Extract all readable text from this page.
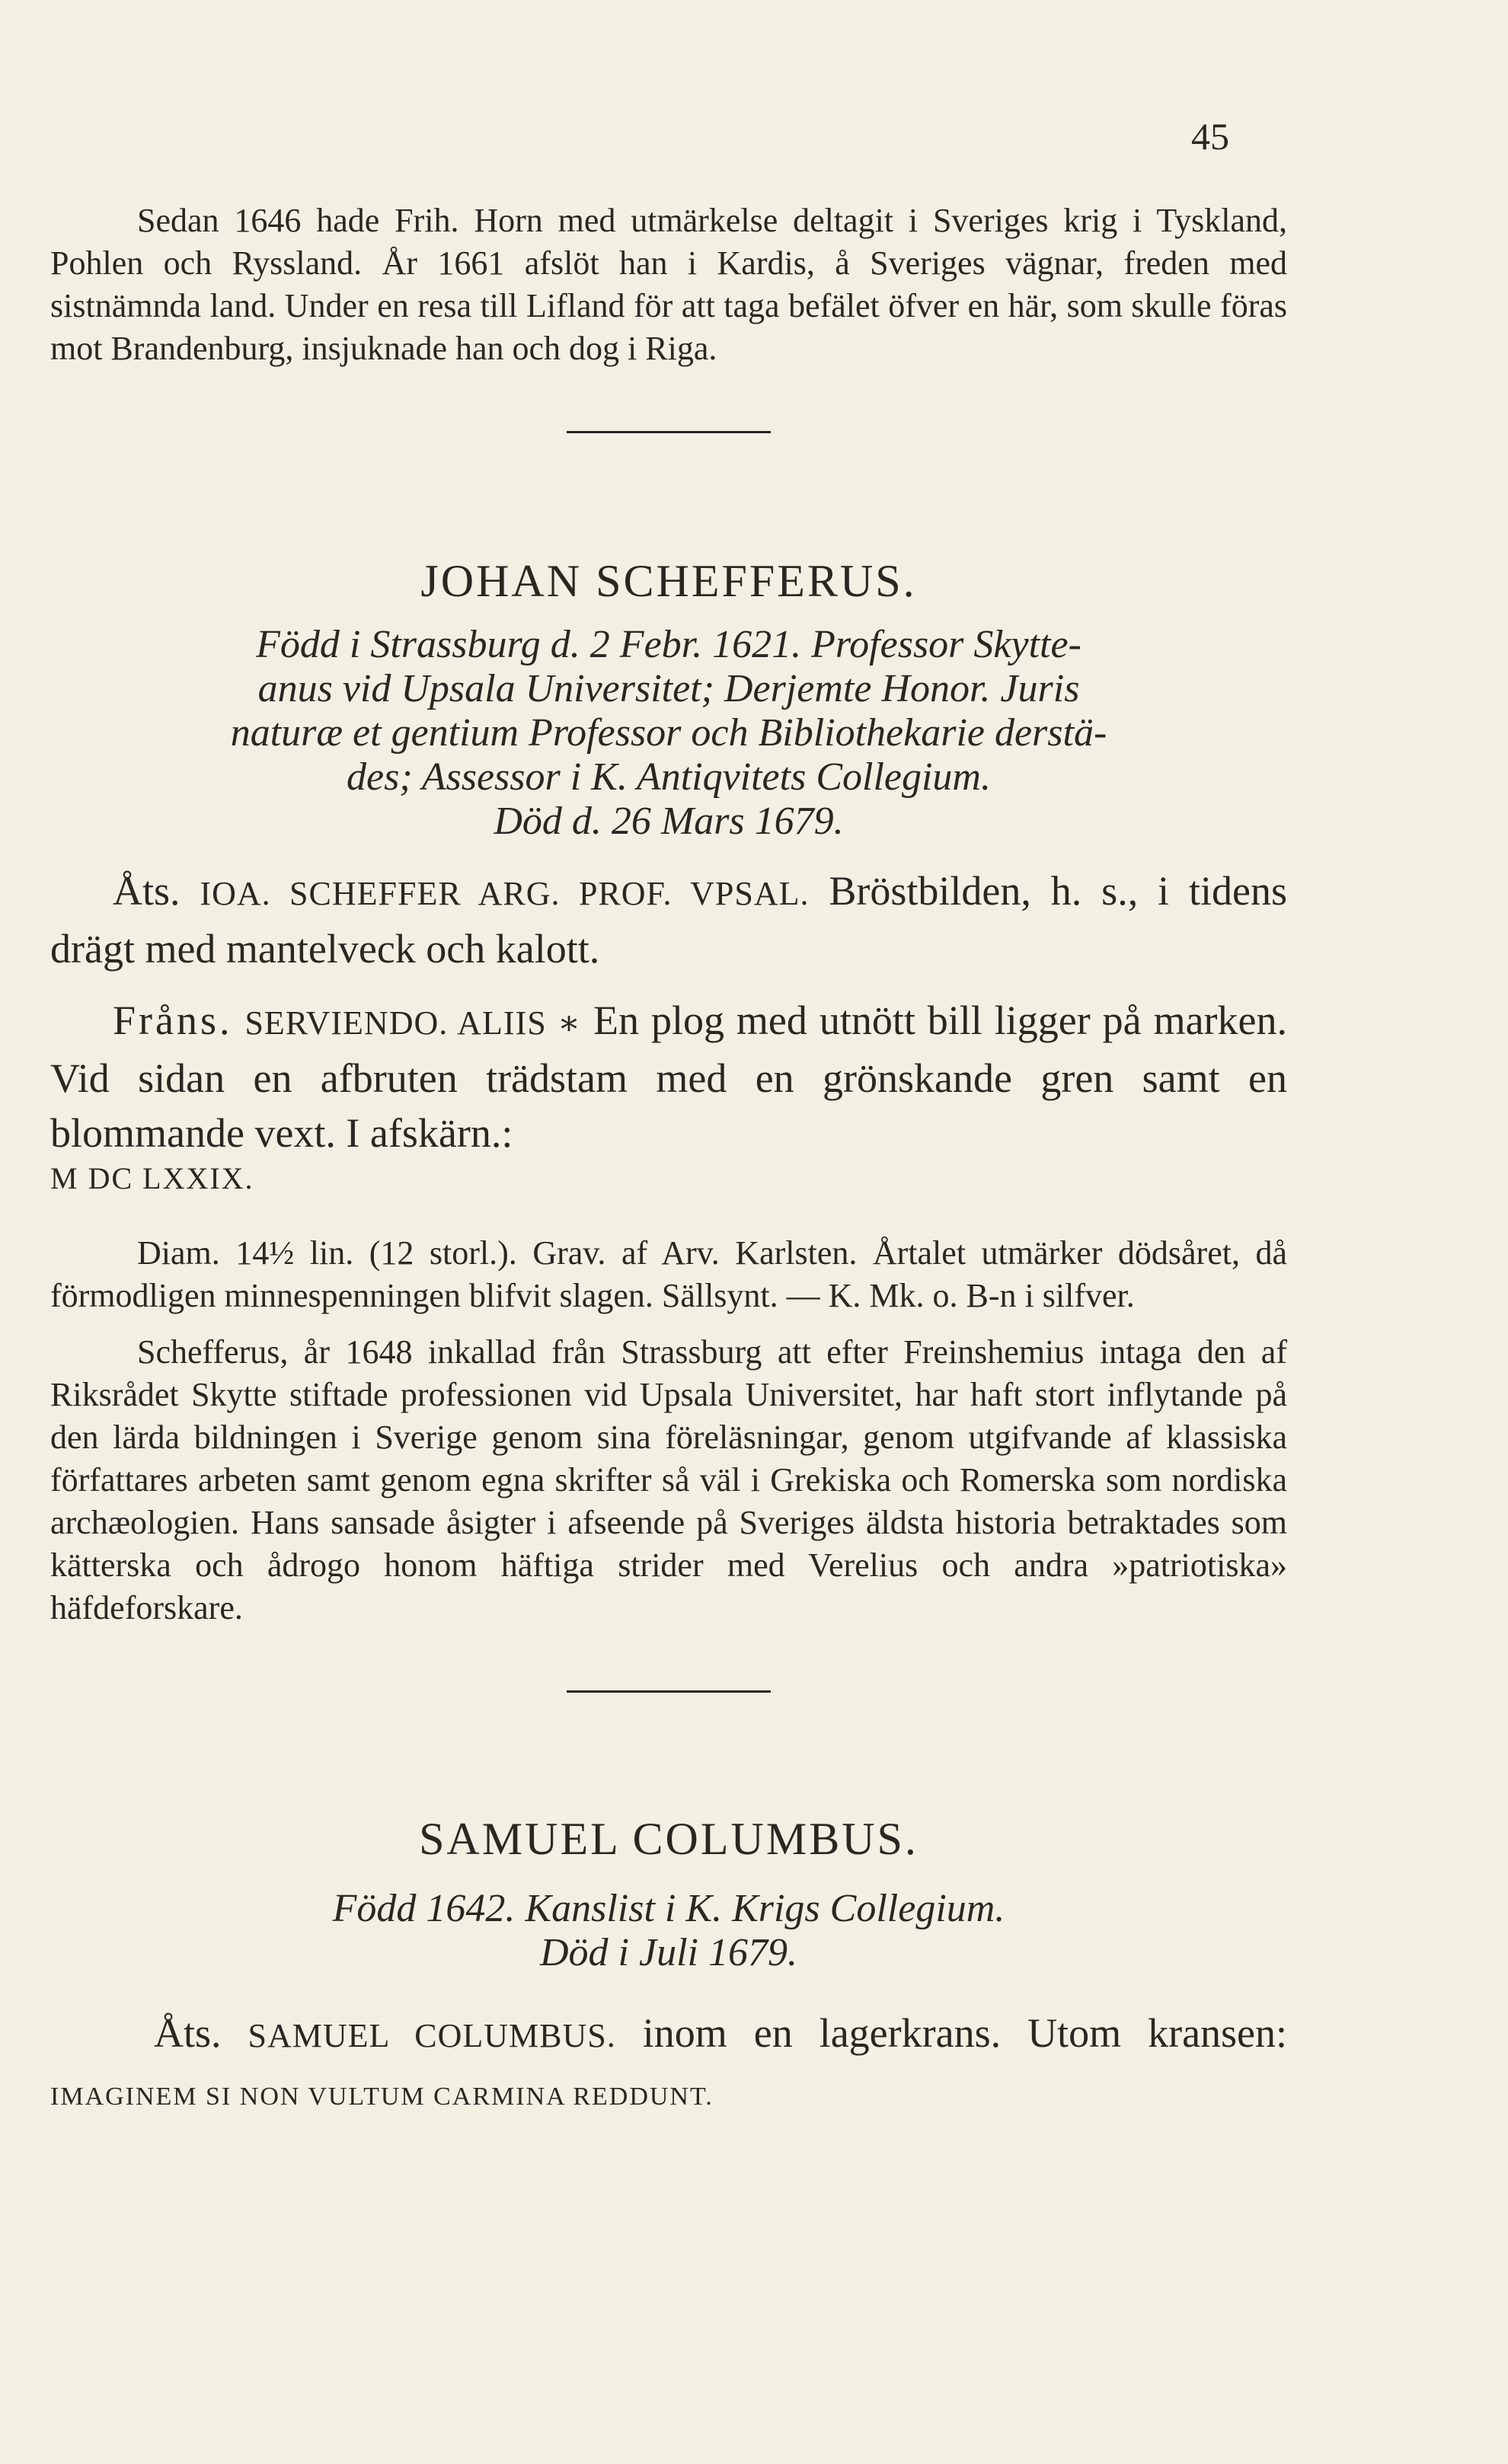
45

Sedan 1646 hade Frih. Horn med utmärkelse deltagit i Sveriges krig i Tyskland, Pohlen och Ryssland. År 1661 afslöt han i Kardis, å Sveriges vägnar, freden med sistnämnda land. Under en resa till Lifland för att taga befälet öfver en här, som skulle föras mot Brandenburg, insjuknade han och dog i Riga.

JOHAN SCHEFFERUS.
Född i Strassburg d. 2 Febr. 1621. Professor Skytte-
anus vid Upsala Universitet; Derjemte Honor. Juris
naturæ et gentium Professor och Bibliothekarie derstä-
des; Assessor i K. Antiqvitets Collegium.
Död d. 26 Mars 1679.

Åts. IOA. SCHEFFER ARG. PROF. VPSAL. Bröstbilden, h. s., i tidens drägt med mantelveck och kalott.

Fråns. SERVIENDO. ALIIS ∗ En plog med utnött bill ligger på marken. Vid sidan en afbruten trädstam med en grönskande gren samt en blommande vext. I afskärn.:

M DC LXXIX.

Diam. 14½ lin. (12 storl.). Grav. af Arv. Karlsten. Årtalet utmärker dödsåret, då förmodligen minnespenningen blifvit slagen. Sällsynt. — K. Mk. o. B-n i silfver.

Schefferus, år 1648 inkallad från Strassburg att efter Freinshemius intaga den af Riksrådet Skytte stiftade professionen vid Upsala Universitet, har haft stort inflytande på den lärda bildningen i Sverige genom sina föreläsningar, genom utgifvande af klassiska författares arbeten samt genom egna skrifter så väl i Grekiska och Romerska som nordiska archæologien. Hans sansade åsigter i afseende på Sveriges äldsta historia betraktades som kätterska och ådrogo honom häftiga strider med Verelius och andra »patriotiska» häfdeforskare.

SAMUEL COLUMBUS.
Född 1642. Kanslist i K. Krigs Collegium.
Död i Juli 1679.

Åts. SAMUEL COLUMBUS. inom en lagerkrans. Utom kransen: IMAGINEM SI NON VULTUM CARMINA REDDUNT.
